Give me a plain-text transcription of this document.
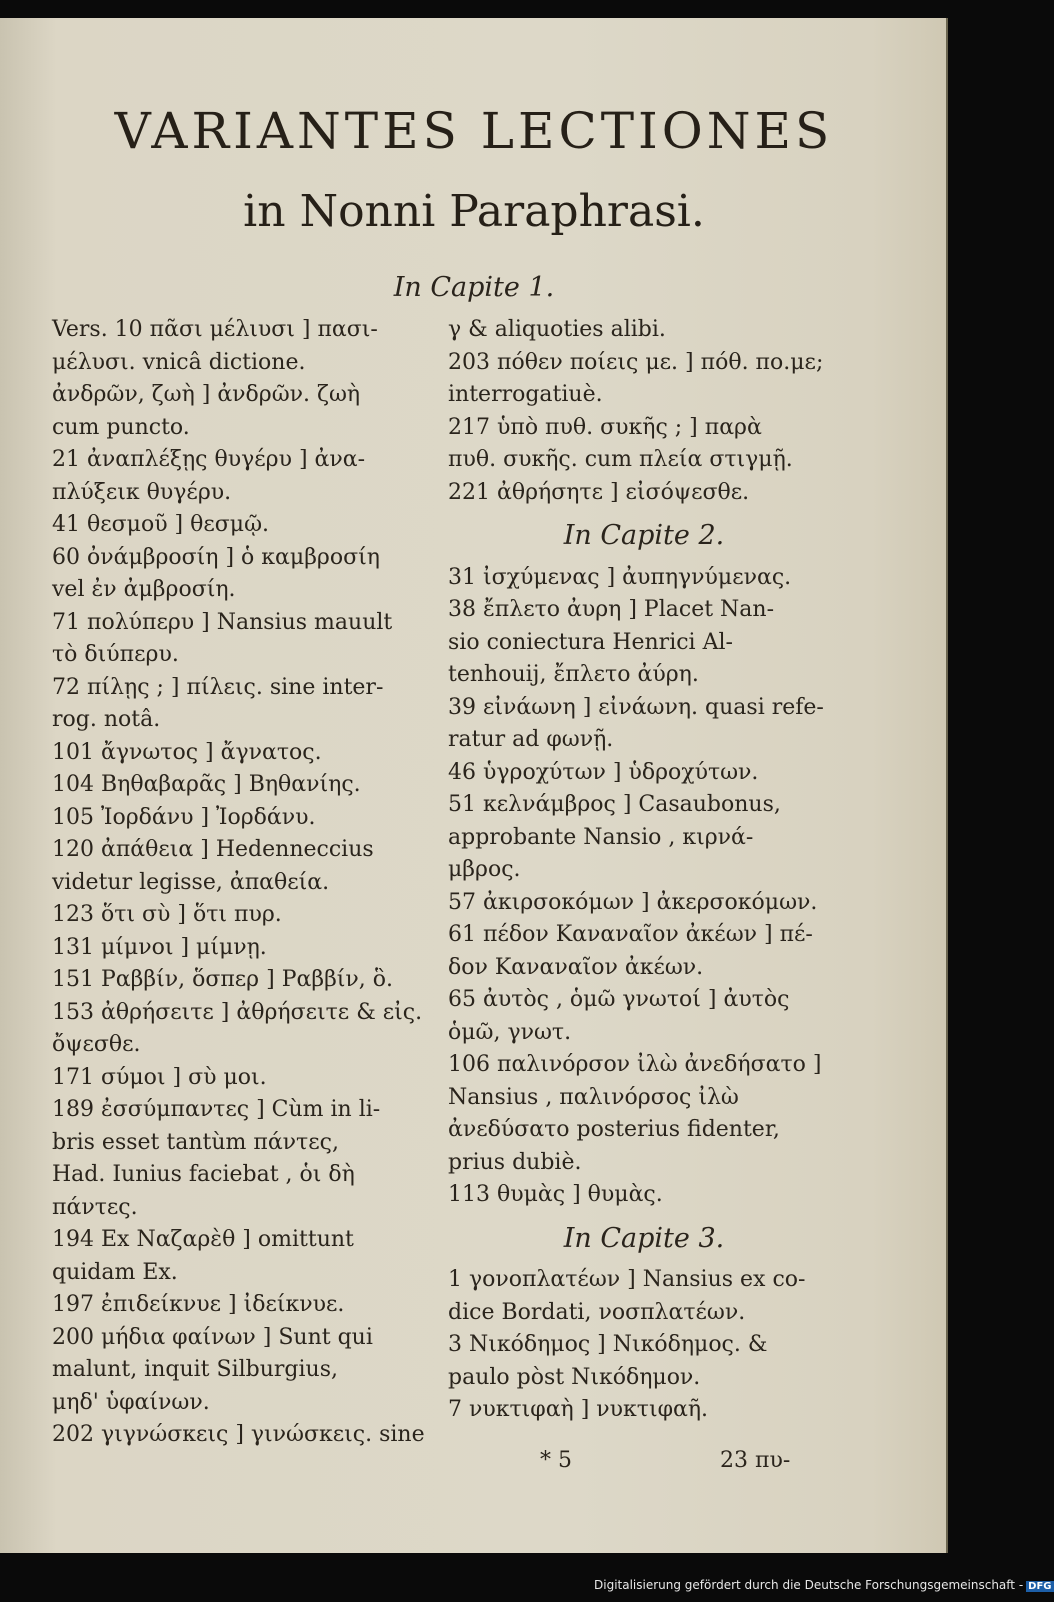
VARIANTES LECTIONES
in Nonni Paraphrasi.

In Capite 1.

Vers. 10 πᾶσι μέλιυσι ] πασι-
μέλυσι. vnicâ dictione.
ἀνδρῶν, ζωὴ ] ἀνδρῶν. ζωὴ
cum puncto.
21 ἀναπλέξῃς θυγέρυ ] ἀνα-
πλύξεικ θυγέρυ.
41 θεσμοῦ ] θεσμῷ.
60 ὀνάμβροσίη ] ὁ καμβροσίη
vel ἐν ἀμβροσίη.
71 πολύπερυ ] Nansius mauult
τὸ διύπερυ.
72 πίλῃς ; ] πίλεις. sine inter-
rog. notâ.
101 ἄγνωτος ] ἄγνατος.
104 Βηθαβαρᾶς ] Βηθανίης.
105 Ἰορδάνυ ] Ἰορδάνυ.
120 ἀπάθεια ] Hedenneccius
videtur legisse, ἀπαθεία.
123 ὅτι σὺ ] ὅτι πυρ.
131 μίμνοι ] μίμνῃ.
151 Ραββίν, ὅσπερ ] Ραββίν, ὃ.
153 ἀθρήσειτε ] ἀθρήσειτε & εἰς.
ὄψεσθε.
171 σύμοι ] σὺ μοι.
189 ἐσσύμπαντες ] Cùm in li-
bris esset tantùm πάντες,
Had. Iunius faciebat , ὁι δὴ
πάντες.
194 Ex Ναζαρὲθ ] omittunt
quidam Ex.
197 ἐπιδείκνυε ] ἰδείκνυε.
200 μήδια φαίνων ] Sunt qui
malunt, inquit Silburgius,
μηδ' ὑφαίνων.
202 γιγνώσκεις ] γινώσκεις. sine
γ & aliquoties alibi.
203 πόθεν ποίεις με. ] πόθ. πο.με;
interrogatiuè.
217 ὑπὸ πυθ. συκῆς ; ] παρὰ
πυθ. συκῆς. cum πλεία στιγμῇ.
221 ἀθρήσητε ] εἰσόψεσθε.

In Capite 2.

31 ἰσχύμενας ] ἀυπηγνύμενας.
38 ἔπλετο ἀυρη ] Placet Nan-
sio coniectura Henrici Al-
tenhouij, ἔπλετο ἀύρη.
39 εἰνάωνη ] εἰνάωνη. quasi refe-
ratur ad φωνῇ.
46 ὑγροχύτων ] ὑδροχύτων.
51 κελνάμβρος ] Casaubonus,
approbante Nansio , κιρνά-
μβρος.
57 ἀκιρσοκόμων ] ἀκερσοκόμων.
61 πέδον Καναναῖον ἀκέων ] πέ-
δον Καναναῖον ἀκέων.
65 ἀυτὸς , ὁμῶ γνωτοί ] ἀυτὸς
ὁμῶ, γνωτ.
106 παλινόρσον ἰλὼ ἀνεδήσατο ]
Nansius , παλινόρσος ἰλὼ
ἀνεδύσατο posterius fidenter,
prius dubiè.
113 θυμὰς ] θυμὰς.

In Capite 3.

1 γονοπλατέων ] Nansius ex co-
dice Bordati, νοσπλατέων.
3 Νικόδημος ] Νικόδημος. &
paulo pòst Νικόδημον.
7 νυκτιφαὴ ] νυκτιφαῆ.
* 5	23 πυ-
Digitalisierung gefördert durch die Deutsche Forschungsgemeinschaft - DFG
